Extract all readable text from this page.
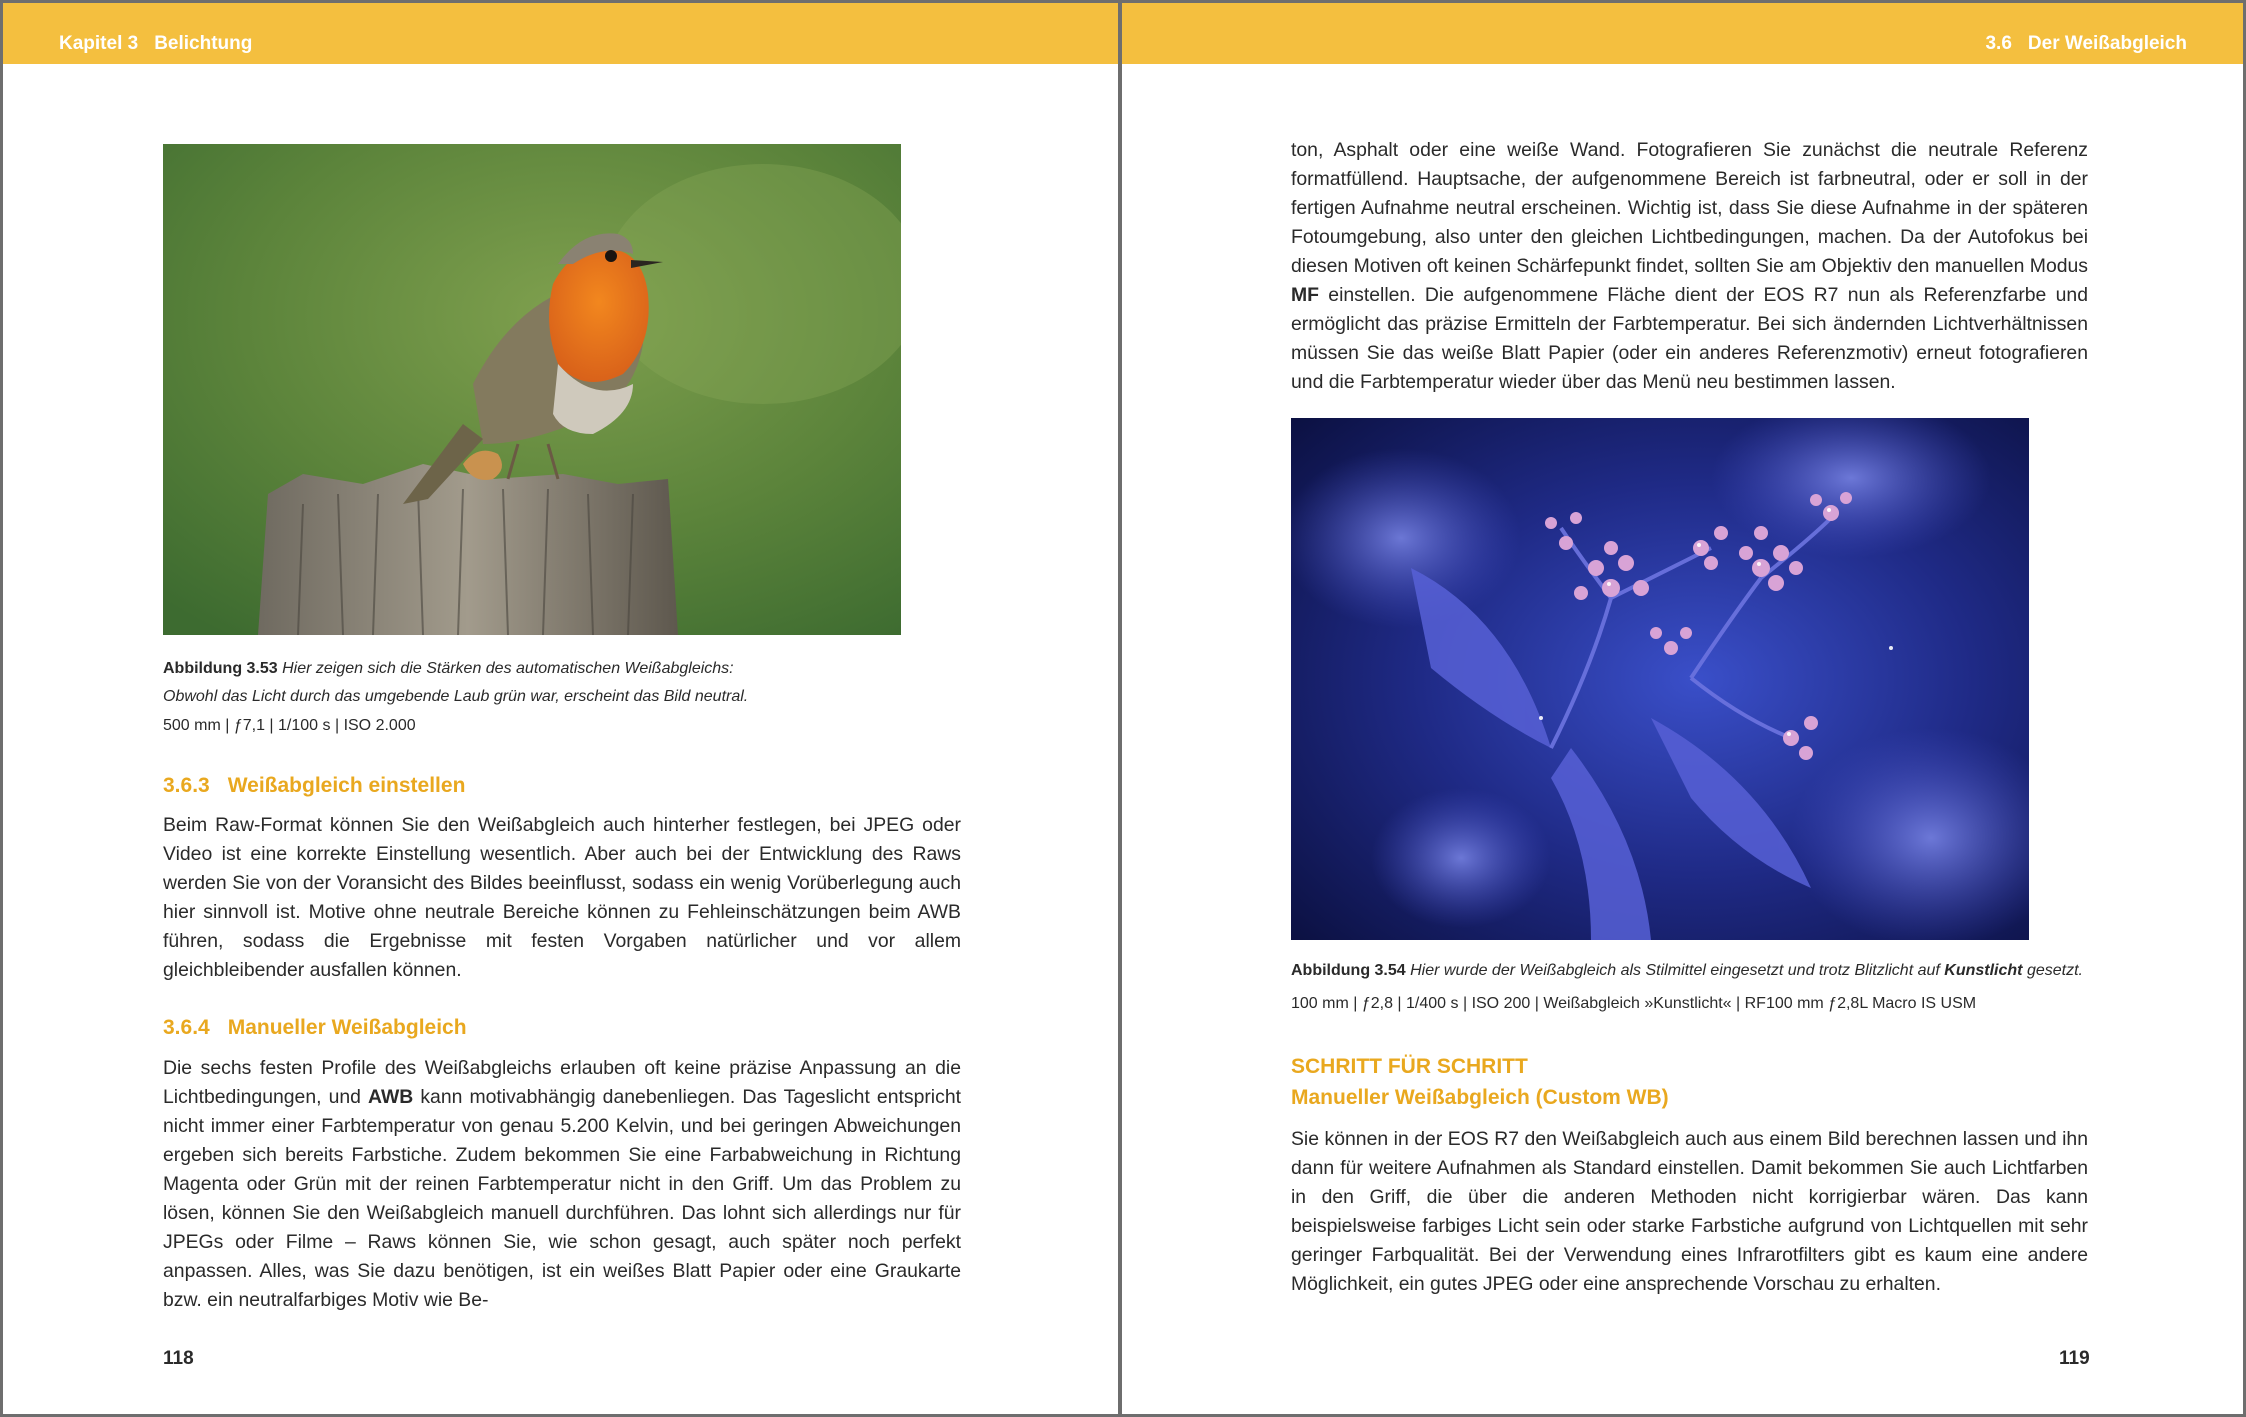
Kapitel 3 Belichtung
Abbildung 3.53 Hier zeigen sich die Stärken des automatischen Weißabgleichs:
Obwohl das Licht durch das umgebende Laub grün war, erscheint das Bild neutral.
500 mm | ƒ7,1 | 1/100 s | ISO 2.000
3.6.3 Weißabgleich einstellen

Beim Raw-Format können Sie den Weißabgleich auch hinterher festlegen, bei JPEG oder Video ist eine korrekte Einstellung wesentlich. Aber auch bei der Entwicklung des Raws werden Sie von der Voransicht des Bildes beeinflusst, sodass ein wenig Vorüberlegung auch hier sinnvoll ist. Motive ohne neutrale Bereiche können zu Fehleinschätzungen beim AWB führen, sodass die Ergebnisse mit festen Vorgaben natürlicher und vor allem gleichbleibender ausfallen können.

3.6.4 Manueller Weißabgleich

Die sechs festen Profile des Weißabgleichs erlauben oft keine präzise Anpassung an die Lichtbedingungen, und AWB kann motivabhängig danebenliegen. Das Tageslicht entspricht nicht immer einer Farbtemperatur von genau 5.200 Kelvin, und bei geringen Abweichungen ergeben sich bereits Farbstiche. Zudem bekommen Sie eine Farbabweichung in Richtung Magenta oder Grün mit der reinen Farbtemperatur nicht in den Griff. Um das Problem zu lösen, können Sie den Weißabgleich manuell durchführen. Das lohnt sich allerdings nur für JPEGs oder Filme – Raws können Sie, wie schon gesagt, auch später noch perfekt anpassen. Alles, was Sie dazu benötigen, ist ein weißes Blatt Papier oder eine Graukarte bzw. ein neutralfarbiges Motiv wie Be-

118
3.6 Der Weißabgleich

ton, Asphalt oder eine weiße Wand. Fotografieren Sie zunächst die neutrale Referenz formatfüllend. Hauptsache, der aufgenommene Bereich ist farbneutral, oder er soll in der fertigen Aufnahme neutral erscheinen. Wichtig ist, dass Sie diese Aufnahme in der späteren Fotoumgebung, also unter den gleichen Lichtbedingungen, machen. Da der Autofokus bei diesen Motiven oft keinen Schärfepunkt findet, sollten Sie am Objektiv den manuellen Modus MF einstellen. Die aufgenommene Fläche dient der EOS R7 nun als Referenzfarbe und ermöglicht das präzise Ermitteln der Farbtemperatur. Bei sich ändernden Lichtverhältnissen müssen Sie das weiße Blatt Papier (oder ein anderes Referenzmotiv) erneut fotografieren und die Farbtemperatur wieder über das Menü neu bestimmen lassen.

Abbildung 3.54 Hier wurde der Weißabgleich als Stilmittel eingesetzt und trotz Blitzlicht auf Kunstlicht gesetzt.
100 mm | ƒ2,8 | 1/400 s | ISO 200 | Weißabgleich »Kunstlicht« | RF100 mm ƒ2,8L Macro IS USM
SCHRITT FÜR SCHRITT
Manueller Weißabgleich (Custom WB)

Sie können in der EOS R7 den Weißabgleich auch aus einem Bild berechnen lassen und ihn dann für weitere Aufnahmen als Standard einstellen. Damit bekommen Sie auch Lichtfarben in den Griff, die über die anderen Methoden nicht korrigierbar wären. Das kann beispielsweise farbiges Licht sein oder starke Farbstiche aufgrund von Lichtquellen mit sehr geringer Farbqualität. Bei der Verwendung eines Infrarotfilters gibt es kaum eine andere Möglichkeit, ein gutes JPEG oder eine ansprechende Vorschau zu erhalten.

119
